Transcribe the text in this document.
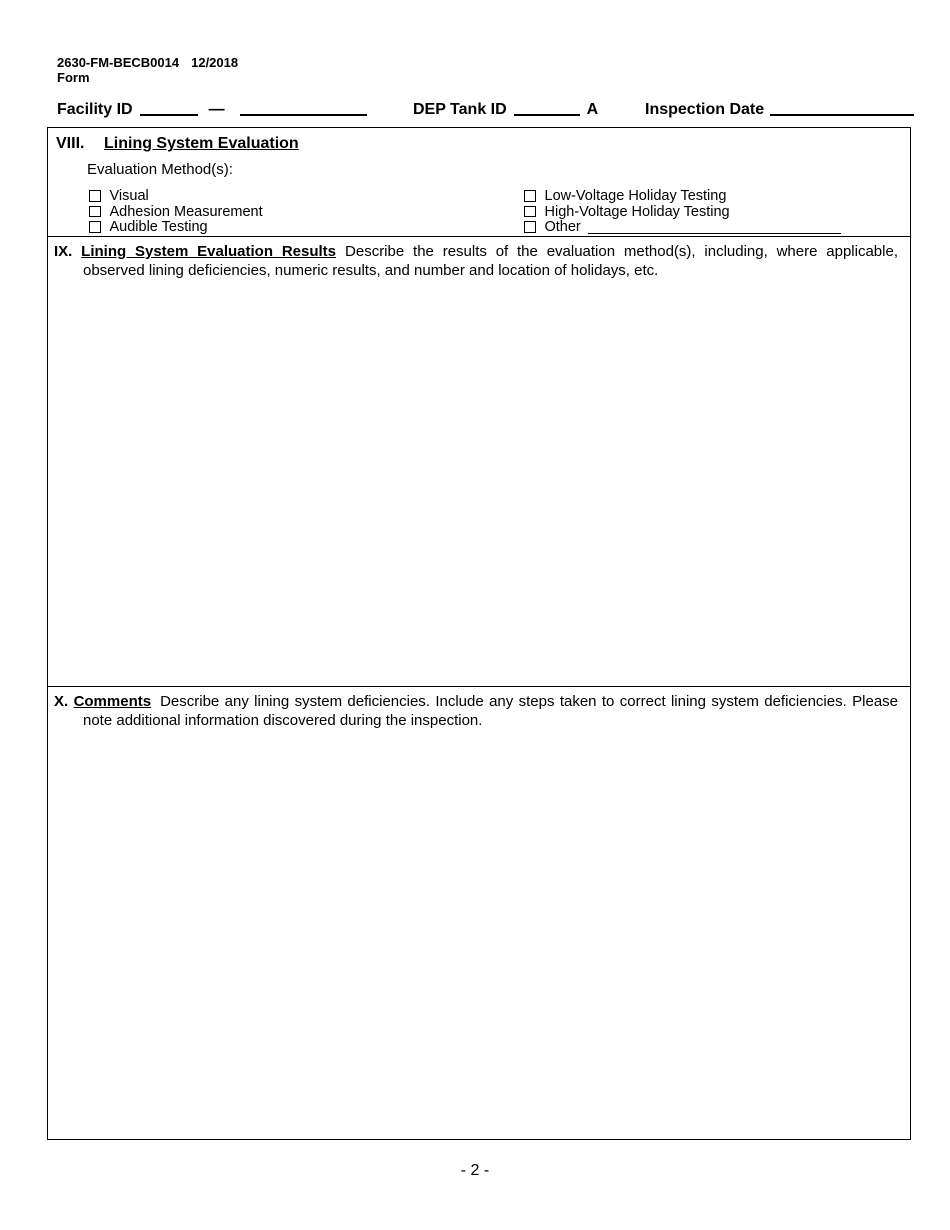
2630-FM-BECB0014 12/2018
Form
Facility ID	—	DEP Tank ID	A	Inspection Date
VIII. Lining System Evaluation
Evaluation Method(s):
Visual
Adhesion Measurement
Audible Testing
Low-Voltage Holiday Testing
High-Voltage Holiday Testing
Other

IX. Lining System Evaluation Results Describe the results of the evaluation method(s), including, where applicable, observed lining deficiencies, numeric results, and number and location of holidays, etc.

X. Comments Describe any lining system deficiencies. Include any steps taken to correct lining system deficiencies. Please note additional information discovered during the inspection.

- 2 -
